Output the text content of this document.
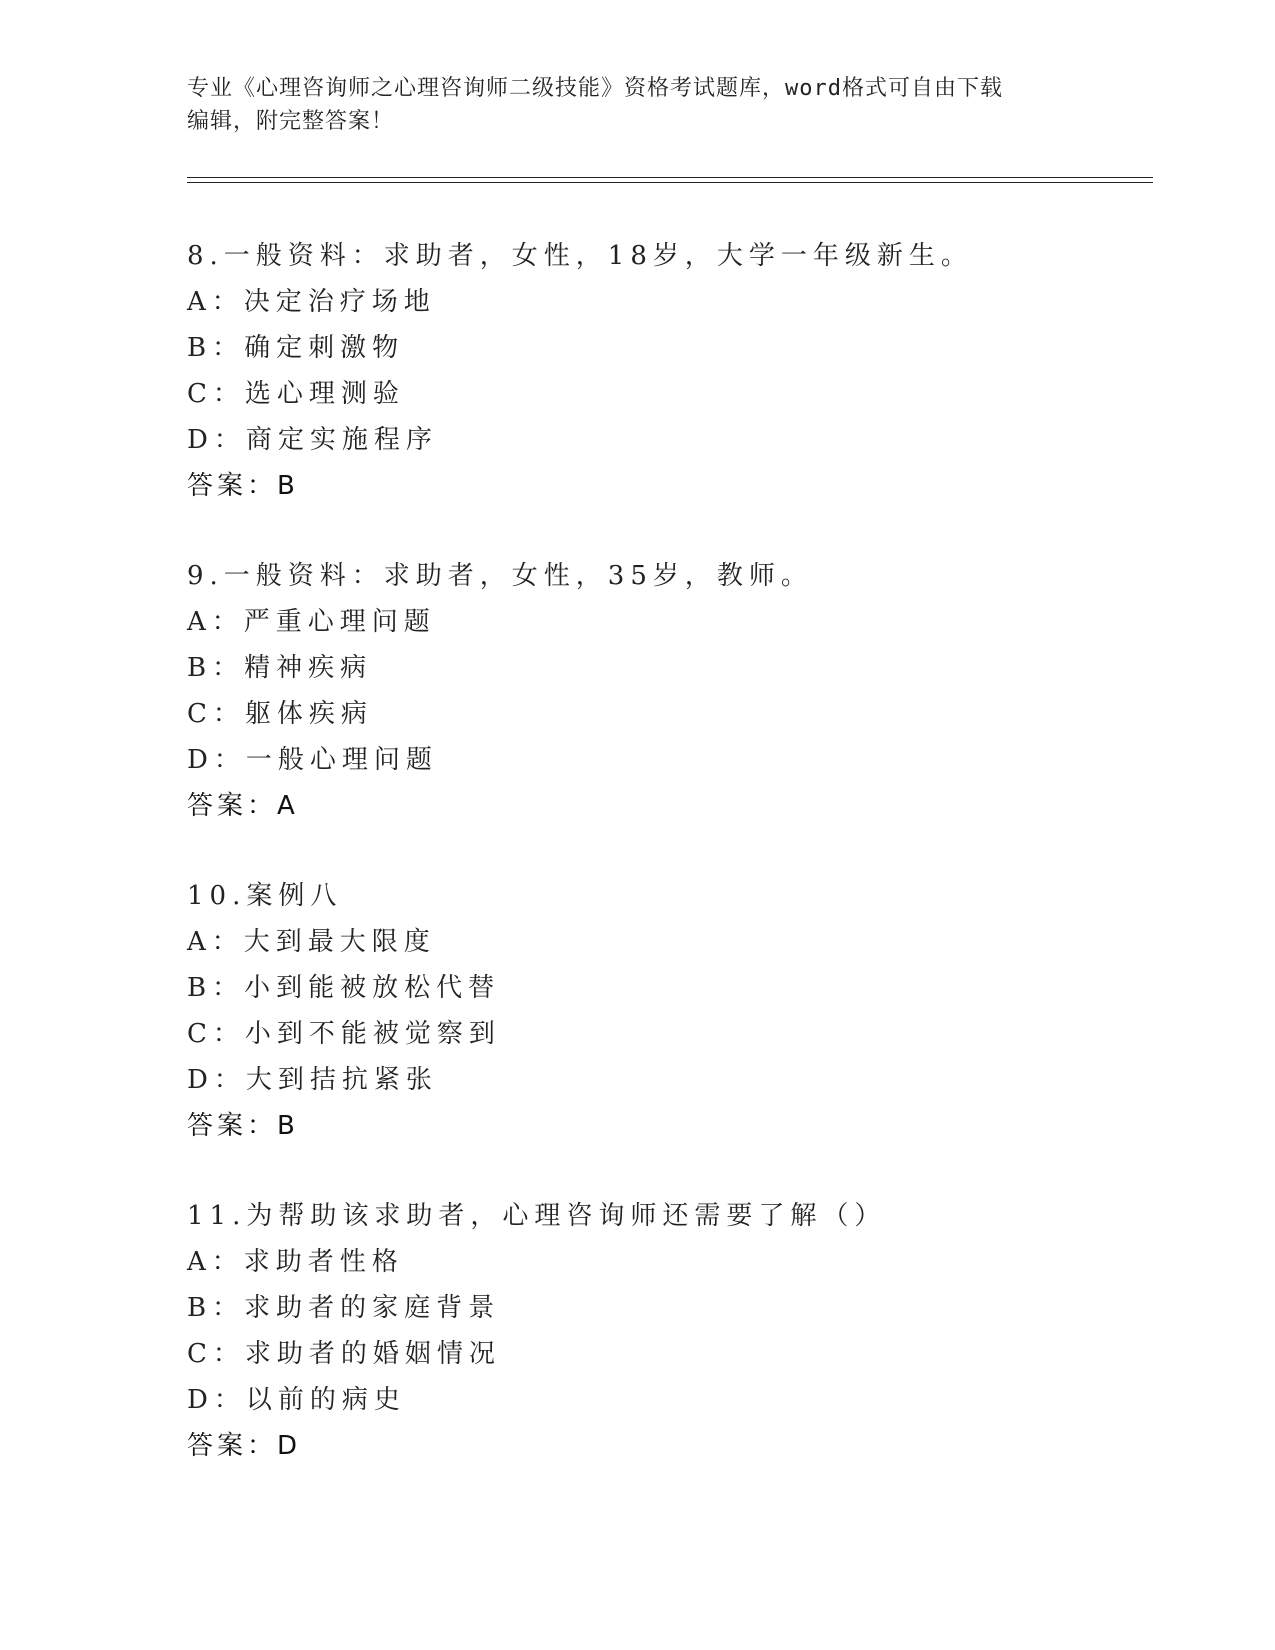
专业《心理咨询师之心理咨询师二级技能》资格考试题库，word格式可自由下载
编辑，附完整答案！
8.一般资料：求助者，女性，18岁，大学一年级新生。
A：决定治疗场地
B：确定刺激物
C：选心理测验
D：商定实施程序
答案：B
9.一般资料：求助者，女性，35岁，教师。
A：严重心理问题
B：精神疾病
C：躯体疾病
D：一般心理问题
答案：A
10.案例八
A：大到最大限度
B：小到能被放松代替
C：小到不能被觉察到
D：大到拮抗紧张
答案：B
11.为帮助该求助者，心理咨询师还需要了解（）
A：求助者性格
B：求助者的家庭背景
C：求助者的婚姻情况
D：以前的病史
答案：D
